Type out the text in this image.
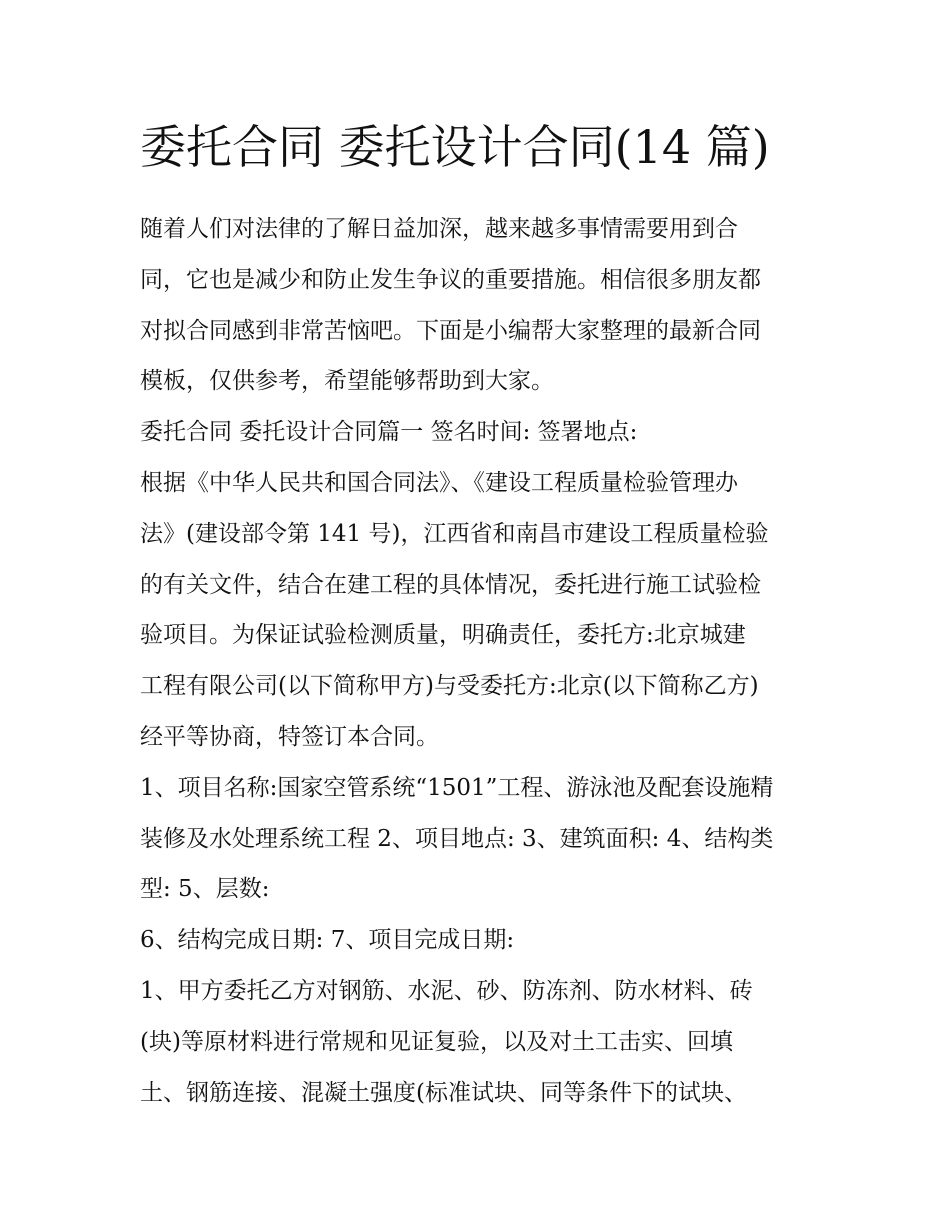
委托合同 委托设计合同(14 篇)

随着人们对法律的了解日益加深，越来越多事情需要用到合
同，它也是减少和防止发生争议的重要措施。相信很多朋友都
对拟合同感到非常苦恼吧。下面是小编帮大家整理的最新合同
模板，仅供参考，希望能够帮助到大家。

委托合同 委托设计合同篇一 签名时间: 签署地点:

根据《中华人民共和国合同法》、《建设工程质量检验管理办
法》(建设部令第 141 号)，江西省和南昌市建设工程质量检验
的有关文件，结合在建工程的具体情况，委托进行施工试验检
验项目。为保证试验检测质量，明确责任，委托方:北京城建
工程有限公司(以下简称甲方)与受委托方:北京(以下简称乙方)
经平等协商，特签订本合同。

1、项目名称:国家空管系统“1501”工程、游泳池及配套设施精
装修及水处理系统工程 2、项目地点: 3、建筑面积: 4、结构类
型: 5、层数:

6、结构完成日期: 7、项目完成日期:

1、甲方委托乙方对钢筋、水泥、砂、防冻剂、防水材料、砖
(块)等原材料进行常规和见证复验，以及对土工击实、回填
土、钢筋连接、混凝土强度(标准试块、同等条件下的试块、
